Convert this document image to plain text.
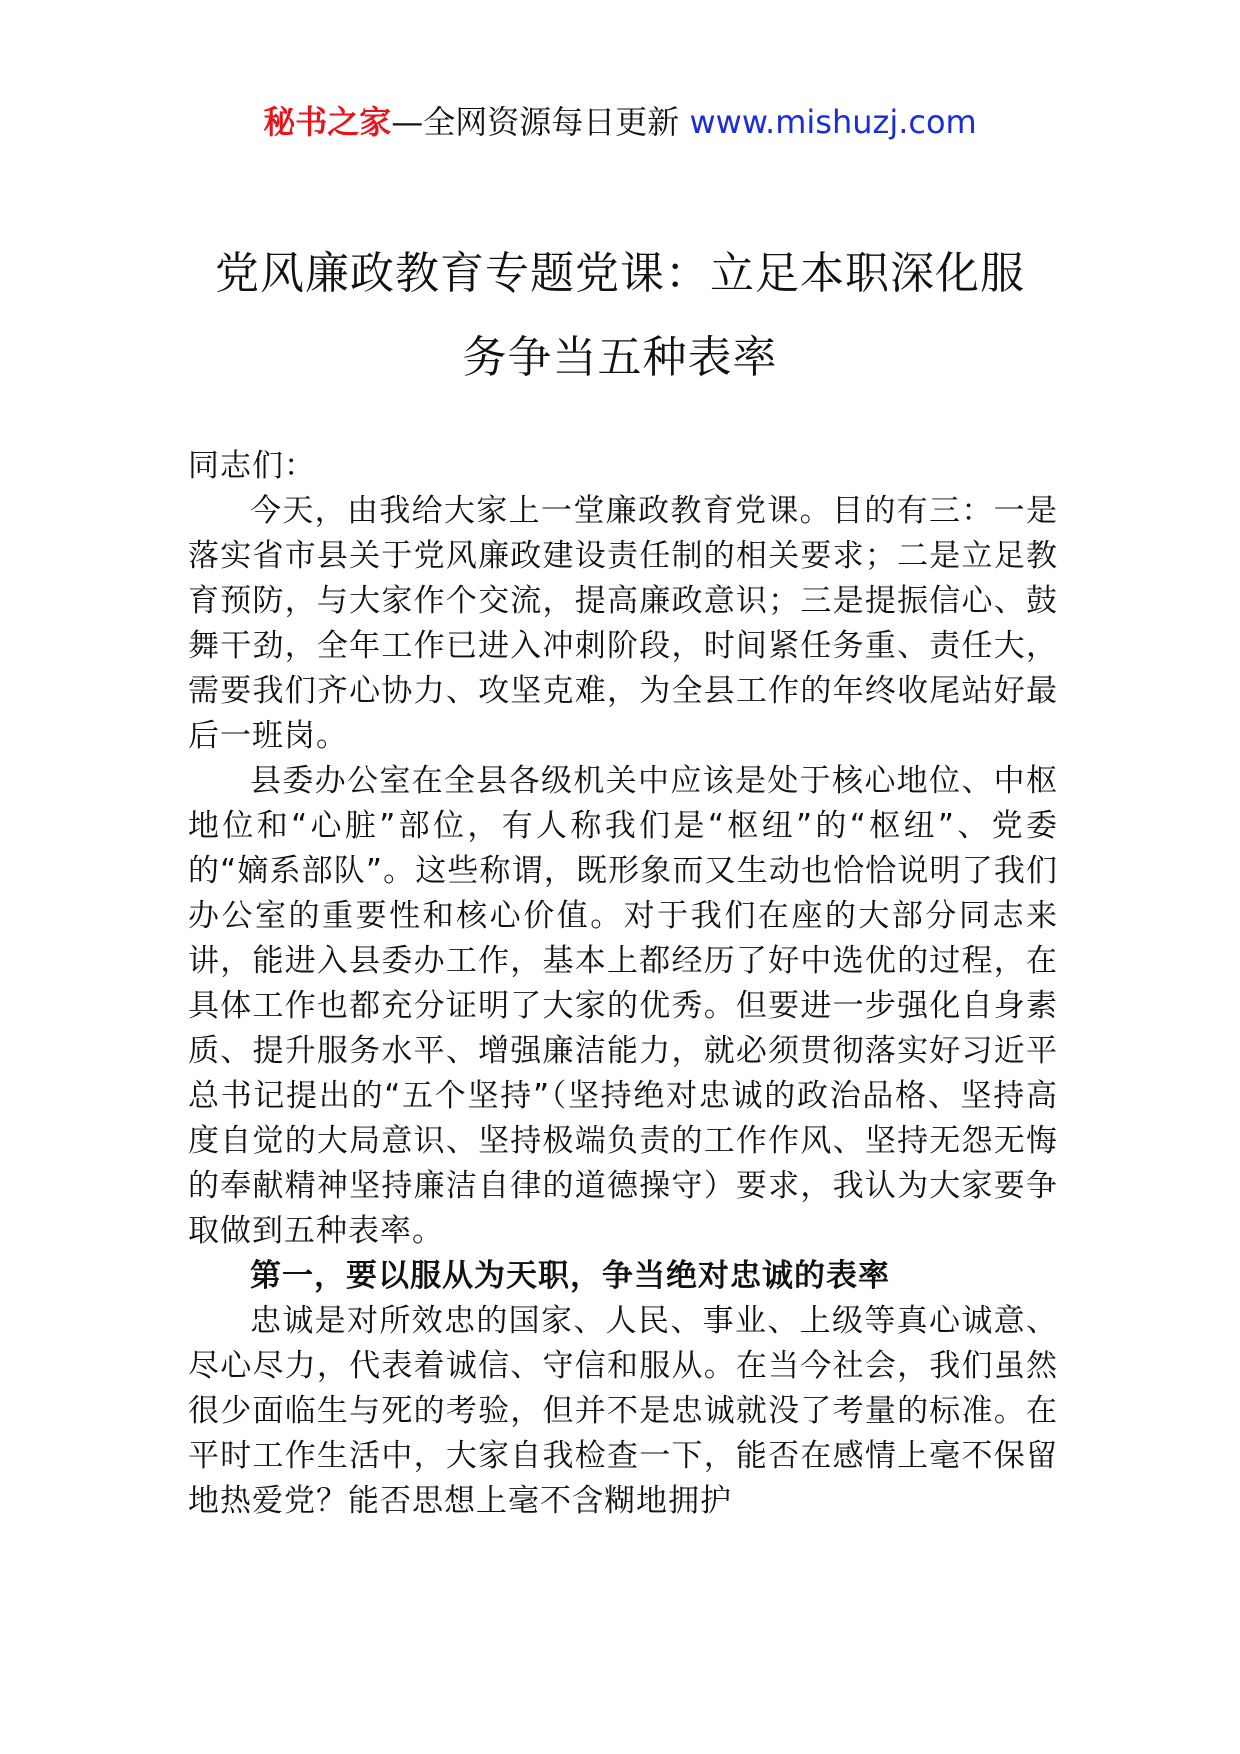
秘书之家—全网资源每日更新 www.mishuzj.com
党风廉政教育专题党课：立足本职深化服
务争当五种表率

同志们：

今天，由我给大家上一堂廉政教育党课。目的有三：一是落实省市县关于党风廉政建设责任制的相关要求；二是立足教育预防，与大家作个交流，提高廉政意识；三是提振信心、鼓舞干劲，全年工作已进入冲刺阶段，时间紧任务重、责任大，需要我们齐心协力、攻坚克难，为全县工作的年终收尾站好最后一班岗。

县委办公室在全县各级机关中应该是处于核心地位、中枢地位和“心脏”部位，有人称我们是“枢纽”的“枢纽”、党委的“嫡系部队”。这些称谓，既形象而又生动也恰恰说明了我们办公室的重要性和核心价值。对于我们在座的大部分同志来讲，能进入县委办工作，基本上都经历了好中选优的过程，在具体工作也都充分证明了大家的优秀。但要进一步强化自身素质、提升服务水平、增强廉洁能力，就必须贯彻落实好习近平总书记提出的“五个坚持”（坚持绝对忠诚的政治品格、坚持高度自觉的大局意识、坚持极端负责的工作作风、坚持无怨无悔的奉献精神坚持廉洁自律的道德操守）要求，我认为大家要争取做到五种表率。

第一，要以服从为天职，争当绝对忠诚的表率

忠诚是对所效忠的国家、人民、事业、上级等真心诚意、尽心尽力，代表着诚信、守信和服从。在当今社会，我们虽然很少面临生与死的考验，但并不是忠诚就没了考量的标准。在平时工作生活中，大家自我检查一下，能否在感情上毫不保留地热爱党？能否思想上毫不含糊地拥护
